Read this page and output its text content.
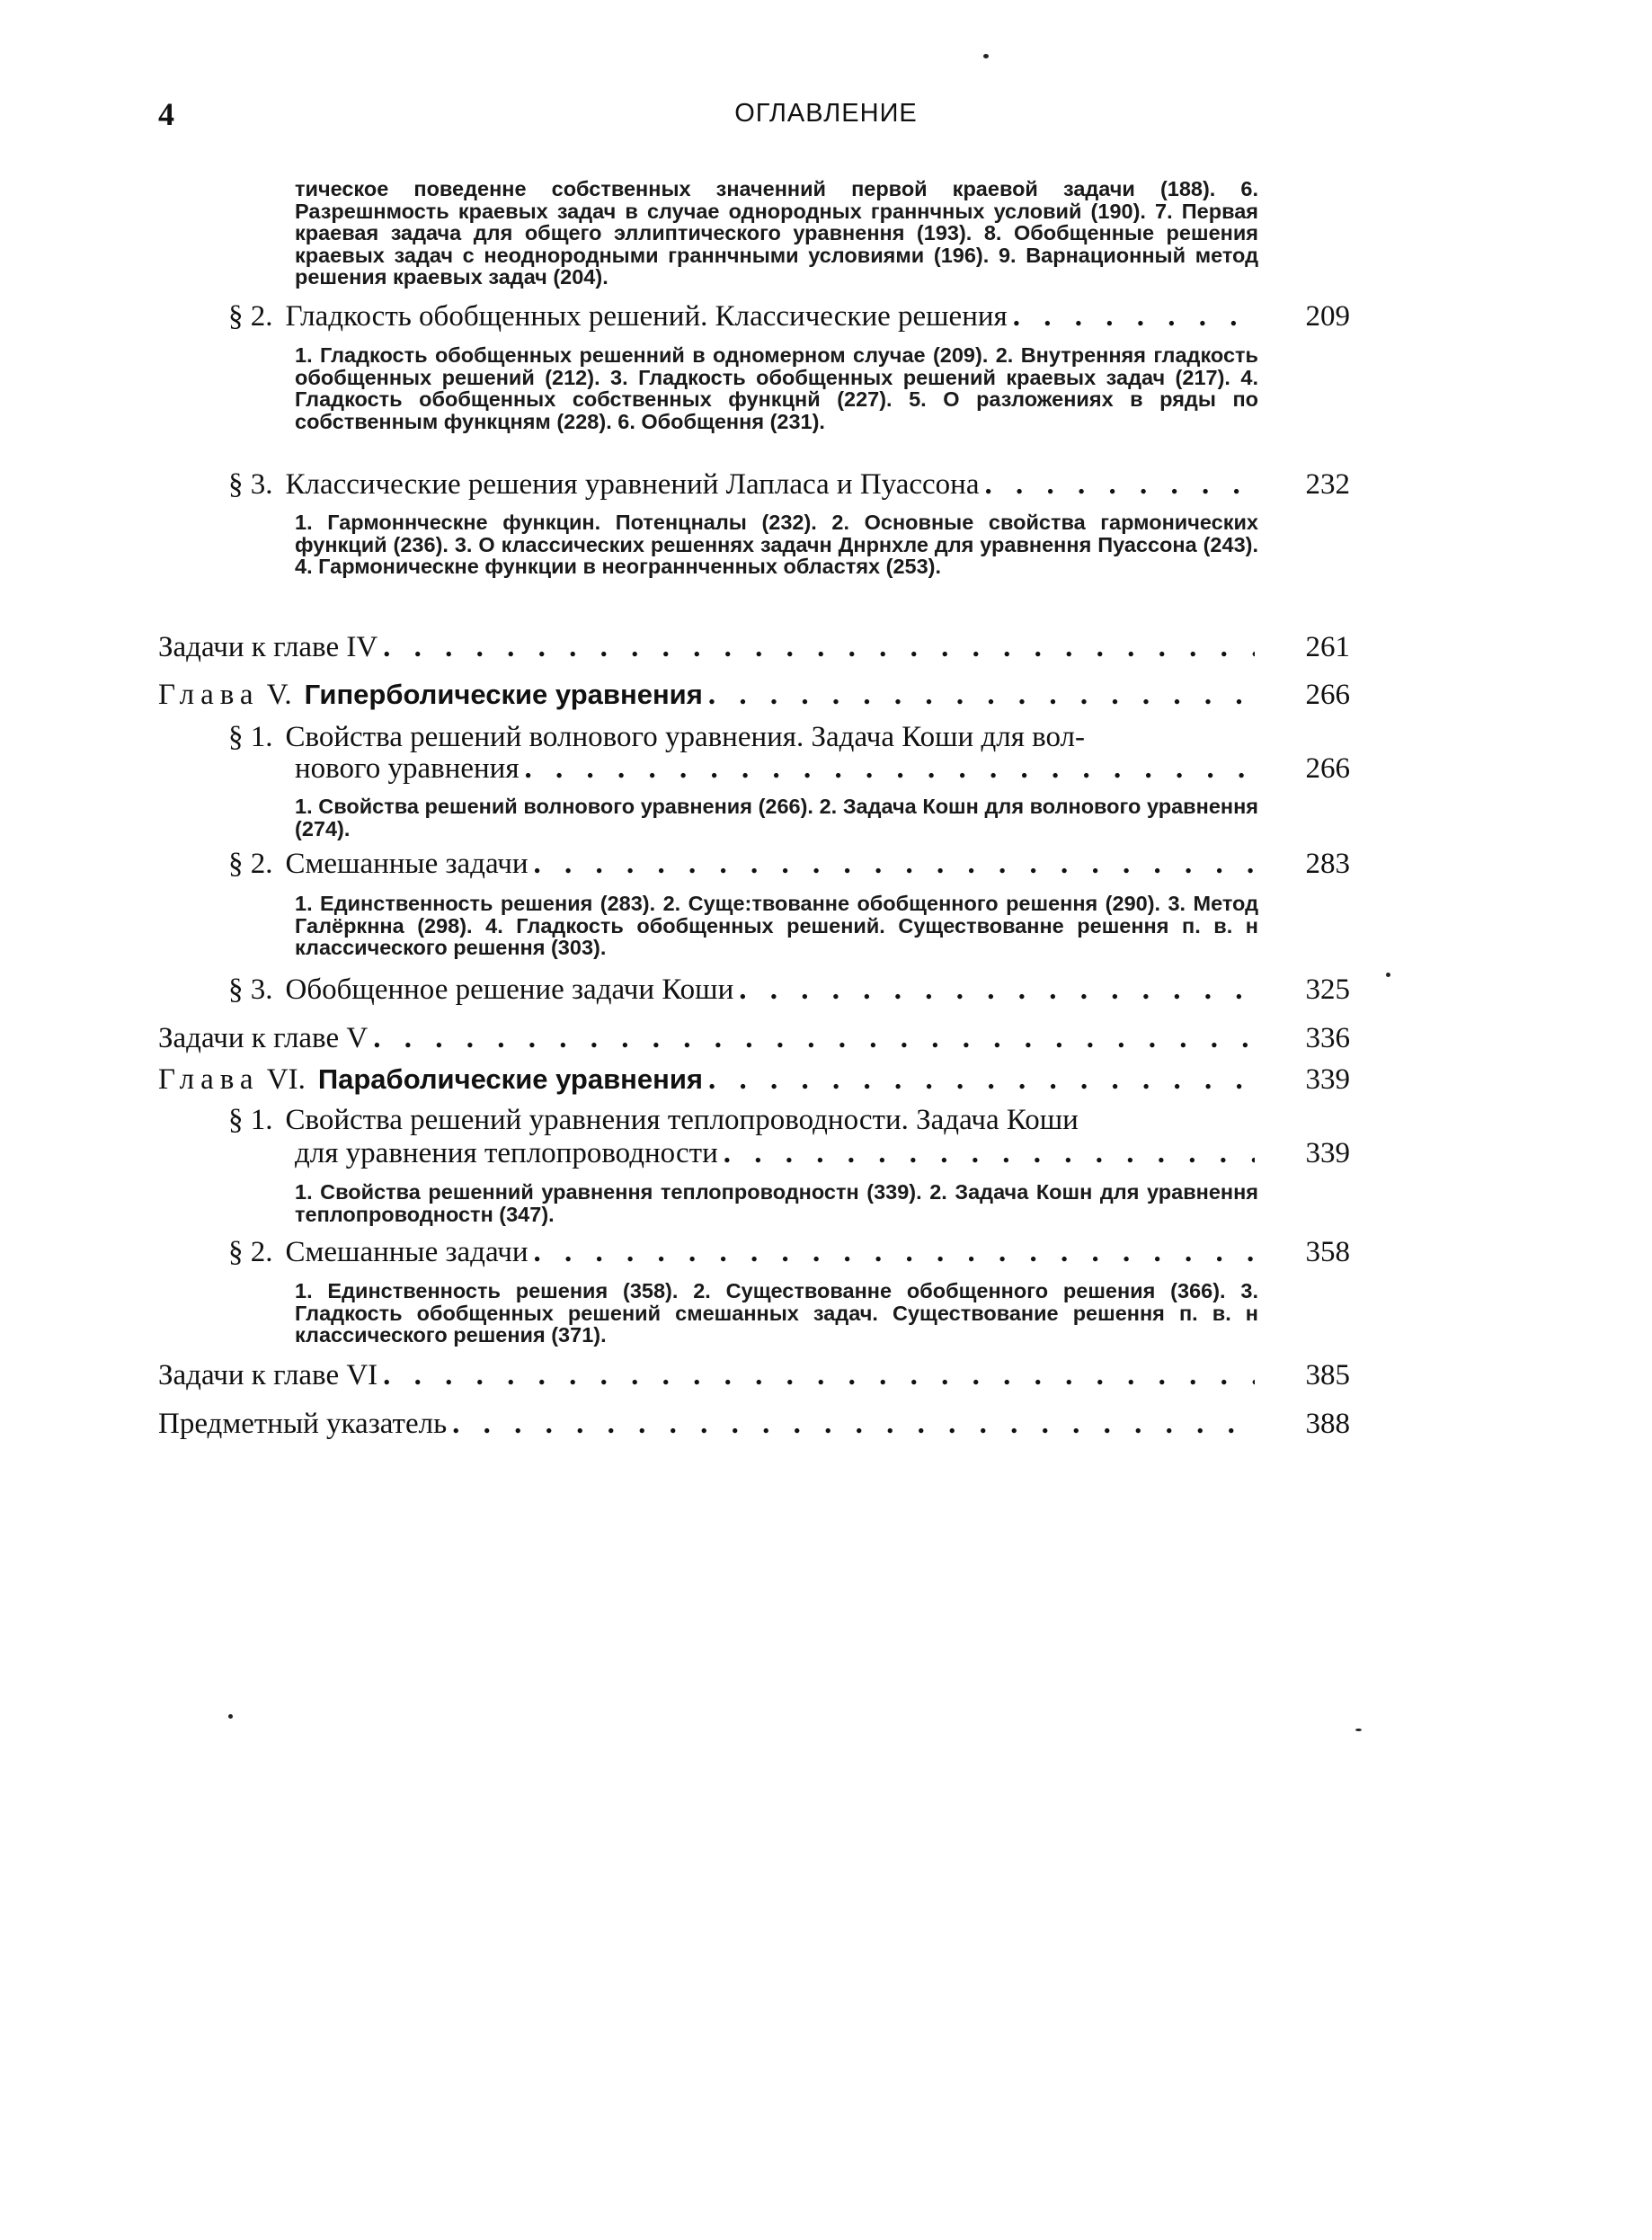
4	ОГЛАВЛЕНИЕ
тическое поведенне собственных значенний первой краевой задачи (188). 6. Разрешнмость краевых задач в случае однородных граннчных условий (190). 7. Первая краевая задача для общего эллиптического уравнення (193). 8. Обобщенные решения краевых задач с неоднородными граннчными условиями (196). 9. Варнационный метод решения краевых задач (204).
§ 2. Гладкость обобщенных решений. Классические решения . . .	209
1. Гладкость обобщенных решенний в одномерном случае (209). 2. Внутренняя гладкость обобщенных решений (212). 3. Гладкость обобщенных решений краевых задач (217). 4. Гладкость обобщенных собственных функцнй (227). 5. О разложениях в ряды по собственным функцням (228). 6. Обобщення (231).
§ 3. Классические решения уравнений Лапласа и Пуассона . . .	232
1. Гармоннческне функцин. Потенцналы (232). 2. Основные свойства гармонических функций (236). 3. О классических решеннях задачн Днрнхле для уравнення Пуассона (243). 4. Гармоническне функции в неограннченных областях (253).
Задачи к главе IV . . .	261
Глава V. Гиперболические уравнения . . .	266
§ 1. Свойства решений волнового уравнения. Задача Коши для вол-
нового уравнения . . .	266
1. Свойства решений волнового уравнения (266). 2. Задача Кошн для волнового уравнення (274).
§ 2. Смешанные задачи . . .	283
1. Единственность решения (283). 2. Суще:твованне обобщенного решення (290). 3. Метод Галёркнна (298). 4. Гладкость обобщенных решений. Существованне решення п. в. н классического решення (303).
§ 3. Обобщенное решение задачи Коши . . .	325
Задачи к главе V . . .	336
Глава VI. Параболические уравнения . . .	339
§ 1. Свойства решений уравнения теплопроводности. Задача Коши
для уравнения теплопроводности . . .	339
1. Свойства решенний уравнення теплопроводностн (339). 2. Задача Кошн для уравнення теплопроводностн (347).
§ 2. Смешанные задачи . . .	358
1. Единственность решения (358). 2. Существованне обобщенного решения (366). 3. Гладкость обобщенных решений смешанных задач. Существование решення п. в. н классического решения (371).
Задачи к главе VI . . .	385
Предметный указатель . . .	388
